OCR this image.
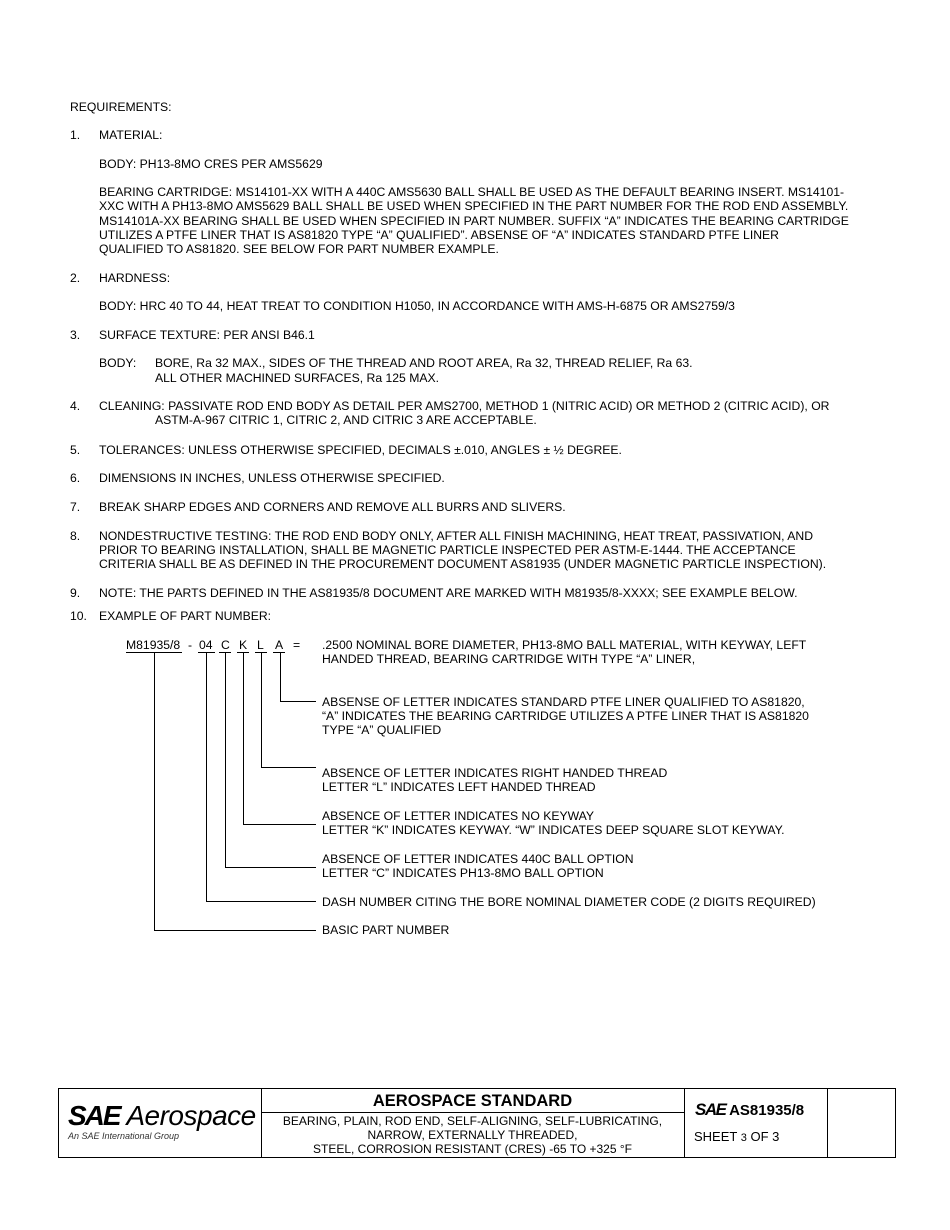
REQUIREMENTS:
1. MATERIAL:
BODY: PH13-8MO CRES PER AMS5629
BEARING CARTRIDGE: MS14101-XX WITH A 440C AMS5630 BALL SHALL BE USED AS THE DEFAULT BEARING INSERT. MS14101-
XXC WITH A PH13-8MO AMS5629 BALL SHALL BE USED WHEN SPECIFIED IN THE PART NUMBER FOR THE ROD END ASSEMBLY.
MS14101A-XX BEARING SHALL BE USED WHEN SPECIFIED IN PART NUMBER. SUFFIX “A” INDICATES THE BEARING CARTRIDGE
UTILIZES A PTFE LINER THAT IS AS81820 TYPE “A” QUALIFIED”. ABSENSE OF “A” INDICATES STANDARD PTFE LINER
QUALIFIED TO AS81820. SEE BELOW FOR PART NUMBER EXAMPLE.
2. HARDNESS:
BODY: HRC 40 TO 44, HEAT TREAT TO CONDITION H1050, IN ACCORDANCE WITH AMS-H-6875 OR AMS2759/3
3. SURFACE TEXTURE: PER ANSI B46.1
BODY: BORE, Ra 32 MAX., SIDES OF THE THREAD AND ROOT AREA, Ra 32, THREAD RELIEF, Ra 63.
ALL OTHER MACHINED SURFACES, Ra 125 MAX.
4. CLEANING: PASSIVATE ROD END BODY AS DETAIL PER AMS2700, METHOD 1 (NITRIC ACID) OR METHOD 2 (CITRIC ACID), OR
ASTM-A-967 CITRIC 1, CITRIC 2, AND CITRIC 3 ARE ACCEPTABLE.
5. TOLERANCES: UNLESS OTHERWISE SPECIFIED, DECIMALS ±.010, ANGLES ± ½ DEGREE.
6. DIMENSIONS IN INCHES, UNLESS OTHERWISE SPECIFIED.
7. BREAK SHARP EDGES AND CORNERS AND REMOVE ALL BURRS AND SLIVERS.
8. NONDESTRUCTIVE TESTING: THE ROD END BODY ONLY, AFTER ALL FINISH MACHINING, HEAT TREAT, PASSIVATION, AND
PRIOR TO BEARING INSTALLATION, SHALL BE MAGNETIC PARTICLE INSPECTED PER ASTM-E-1444. THE ACCEPTANCE
CRITERIA SHALL BE AS DEFINED IN THE PROCUREMENT DOCUMENT AS81935 (UNDER MAGNETIC PARTICLE INSPECTION).
9. NOTE: THE PARTS DEFINED IN THE AS81935/8 DOCUMENT ARE MARKED WITH M81935/8-XXXX; SEE EXAMPLE BELOW.
10. EXAMPLE OF PART NUMBER:
M81935/8 - 04 C K L A = .2500 NOMINAL BORE DIAMETER, PH13-8MO BALL MATERIAL, WITH KEYWAY, LEFT
HANDED THREAD, BEARING CARTRIDGE WITH TYPE “A” LINER,
ABSENSE OF LETTER INDICATES STANDARD PTFE LINER QUALIFIED TO AS81820,
“A” INDICATES THE BEARING CARTRIDGE UTILIZES A PTFE LINER THAT IS AS81820
TYPE “A” QUALIFIED
ABSENCE OF LETTER INDICATES RIGHT HANDED THREAD
LETTER “L” INDICATES LEFT HANDED THREAD
ABSENCE OF LETTER INDICATES NO KEYWAY
LETTER “K” INDICATES KEYWAY. “W” INDICATES DEEP SQUARE SLOT KEYWAY.
ABSENCE OF LETTER INDICATES 440C BALL OPTION
LETTER “C” INDICATES PH13-8MO BALL OPTION
DASH NUMBER CITING THE BORE NOMINAL DIAMETER CODE (2 DIGITS REQUIRED)
BASIC PART NUMBER
SAE Aerospace
An SAE International Group
AEROSPACE STANDARD
BEARING, PLAIN, ROD END, SELF-ALIGNING, SELF-LUBRICATING,
NARROW, EXTERNALLY THREADED,
STEEL, CORROSION RESISTANT (CRES) -65 TO +325 °F
SAE AS81935/8
SHEET 3 OF 3
